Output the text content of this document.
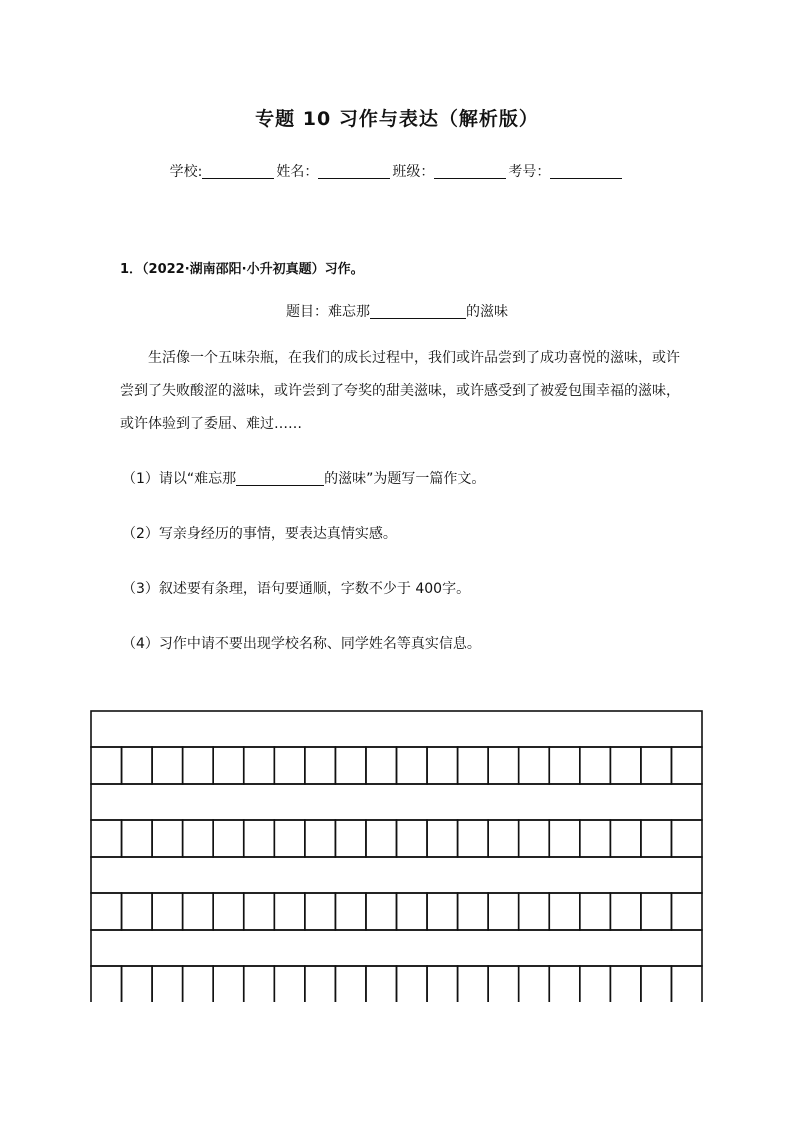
专题 10 习作与表达（解析版）
学校:	姓名：	班级：	考号：
1．（2022·湖南邵阳·小升初真题）习作。
题目：难忘那	的滋味

生活像一个五味杂瓶，在我们的成长过程中，我们或许品尝到了成功喜悦的滋味，或许尝到了失败酸涩的滋味，或许尝到了夸奖的甜美滋味，或许感受到了被爱包围幸福的滋味，或许体验到了委屈、难过……

（1）请以“难忘那	的滋味”为题写一篇作文。
（2）写亲身经历的事情，要表达真情实感。
（3）叙述要有条理，语句要通顺，字数不少于 400字。
（4）习作中请不要出现学校名称、同学姓名等真实信息。
